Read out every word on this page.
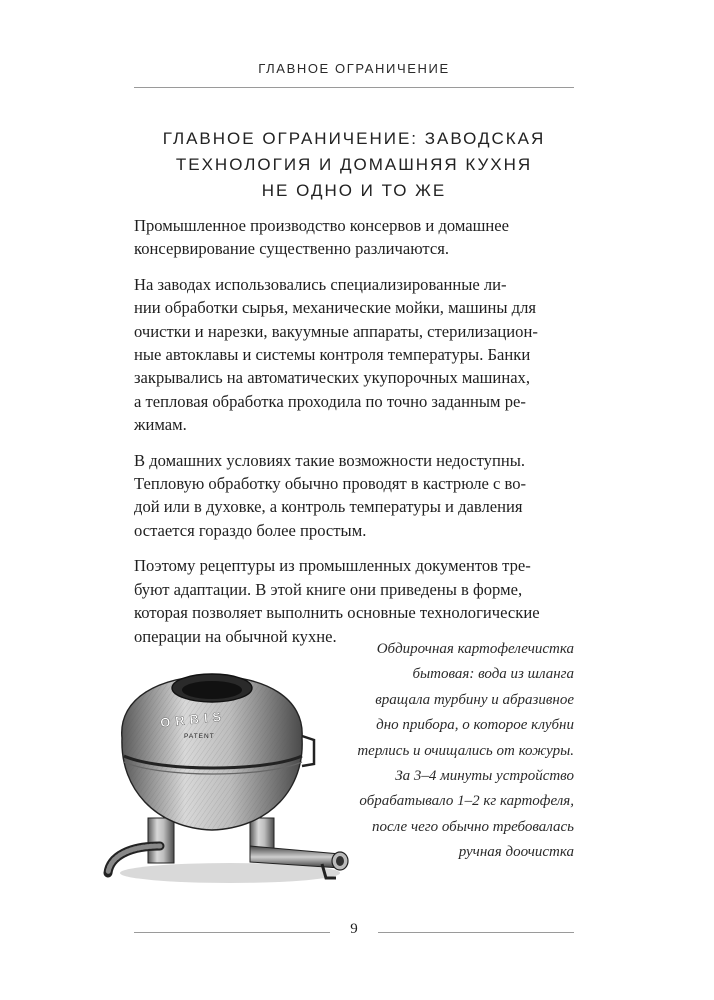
ГЛАВНОЕ ОГРАНИЧЕНИЕ
ГЛАВНОЕ ОГРАНИЧЕНИЕ: ЗАВОДСКАЯ
ТЕХНОЛОГИЯ И ДОМАШНЯЯ КУХНЯ
НЕ ОДНО И ТО ЖЕ

Промышленное производство консервов и домашнее
консервирование существенно различаются.

На заводах использовались специализированные ли-
нии обработки сырья, механические мойки, машины для
очистки и нарезки, вакуумные аппараты, стерилизацион-
ные автоклавы и системы контроля температуры. Банки
закрывались на автоматических укупорочных машинах,
а тепловая обработка проходила по точно заданным ре-
жимам.

В домашних условиях такие возможности недоступны.
Тепловую обработку обычно проводят в кастрюле с во-
дой или в духовке, а контроль температуры и давления
остается гораздо более простым.

Поэтому рецептуры из промышленных документов тре-
буют адаптации. В этой книге они приведены в форме,
которая позволяет выполнить основные технологические
операции на обычной кухне.

ORBIS
PATENT
Обдирочная картофелечистка
бытовая: вода из шланга
вращала турбину и абразивное
дно прибора, о которое клубни
терлись и очищались от кожуры.
За 3–4 минуты устройство
обрабатывало 1–2 кг картофеля,
после чего обычно требовалась
ручная доочистка
9
